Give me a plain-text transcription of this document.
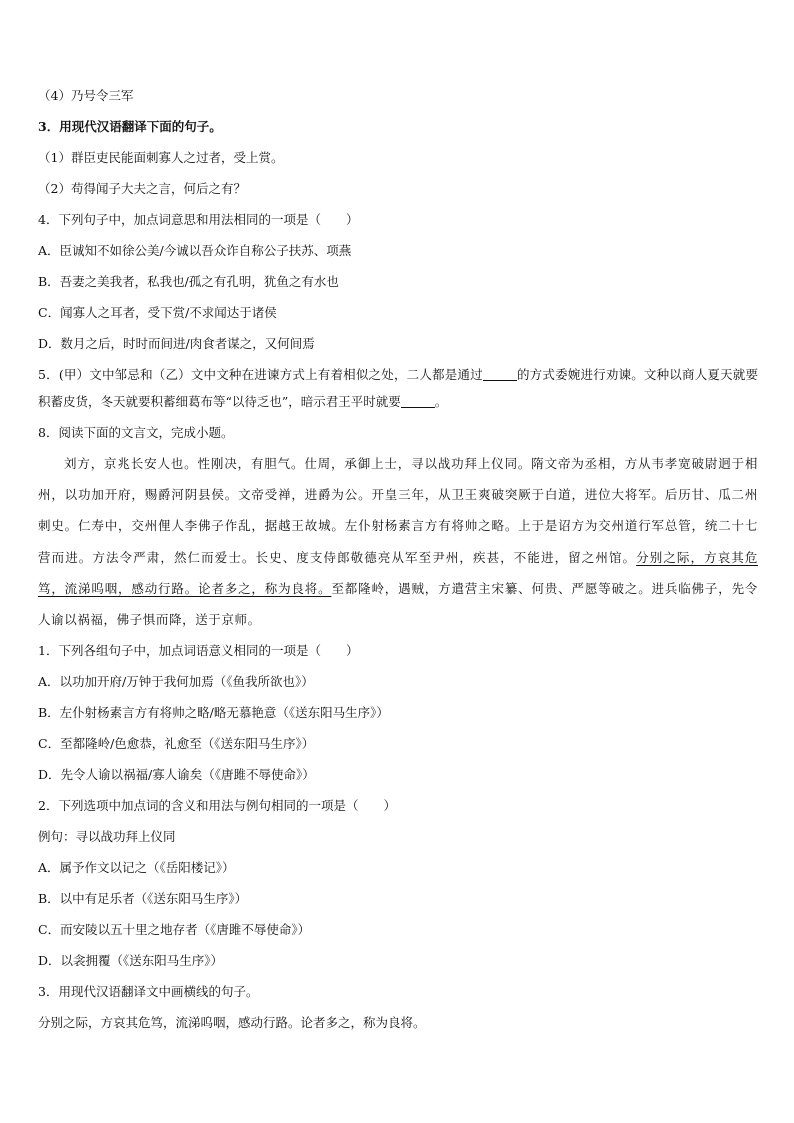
（4）乃号令三军
3．用现代汉语翻译下面的句子。
（1）群臣吏民能面刺寡人之过者，受上赏。
（2）苟得闻子大夫之言，何后之有？
4．下列句子中，加点词意思和用法相同的一项是（　　）
A．臣诚知不如徐公美/今诚以吾众诈自称公子扶苏、项燕
B．吾妻之美我者，私我也/孤之有孔明，犹鱼之有水也
C．闻寡人之耳者，受下赏/不求闻达于诸侯
D．数月之后，时时而间进/肉食者谋之，又何间焉
5．(甲）文中邹忌和（乙）文中文种在进谏方式上有着相似之处，二人都是通过	的方式委婉进行劝谏。文种以商人夏天就要积蓄皮货，冬天就要积蓄细葛布等“以待乏也”，暗示君王平时就要	。
8．阅读下面的文言文，完成小题。

刘方，京兆长安人也。性刚决，有胆气。仕周，承御上士，寻以战功拜上仪同。隋文帝为丞相，方从韦孝宽破尉迥于相州，以功加开府，赐爵河阴县侯。文帝受禅，进爵为公。开皇三年，从卫王爽破突厥于白道，进位大将军。后历甘、瓜二州刺史。仁寿中，交州俚人李佛子作乱，据越王故城。左仆射杨素言方有将帅之略。上于是诏方为交州道行军总管，统二十七营而进。方法令严肃，然仁而爱士。长史、度支侍郎敬德亮从军至尹州，疾甚，不能进，留之州馆。分别之际，方哀其危笃，流涕呜咽，感动行路。论者多之，称为良将。至都隆岭，遇贼，方遣营主宋纂、何贵、严愿等破之。进兵临佛子，先令人谕以祸福，佛子惧而降，送于京师。

1．下列各组句子中，加点词语意义相同的一项是（　　）
A．以功加开府/万钟于我何加焉（《鱼我所欲也》）
B．左仆射杨素言方有将帅之略/略无慕艳意（《送东阳马生序》）
C．至都隆岭/色愈恭，礼愈至（《送东阳马生序》）
D．先令人谕以祸福/寡人谕矣（《唐雎不辱使命》）
2．下列选项中加点词的含义和用法与例句相同的一项是（　　）
例句：寻以战功拜上仪同
A．属予作文以记之（《岳阳楼记》）
B．以中有足乐者（《送东阳马生序》）
C．而安陵以五十里之地存者（《唐雎不辱使命》）
D．以衾拥覆（《送东阳马生序》）
3．用现代汉语翻译文中画横线的句子。
分别之际，方哀其危笃，流涕呜咽，感动行路。论者多之，称为良将。
